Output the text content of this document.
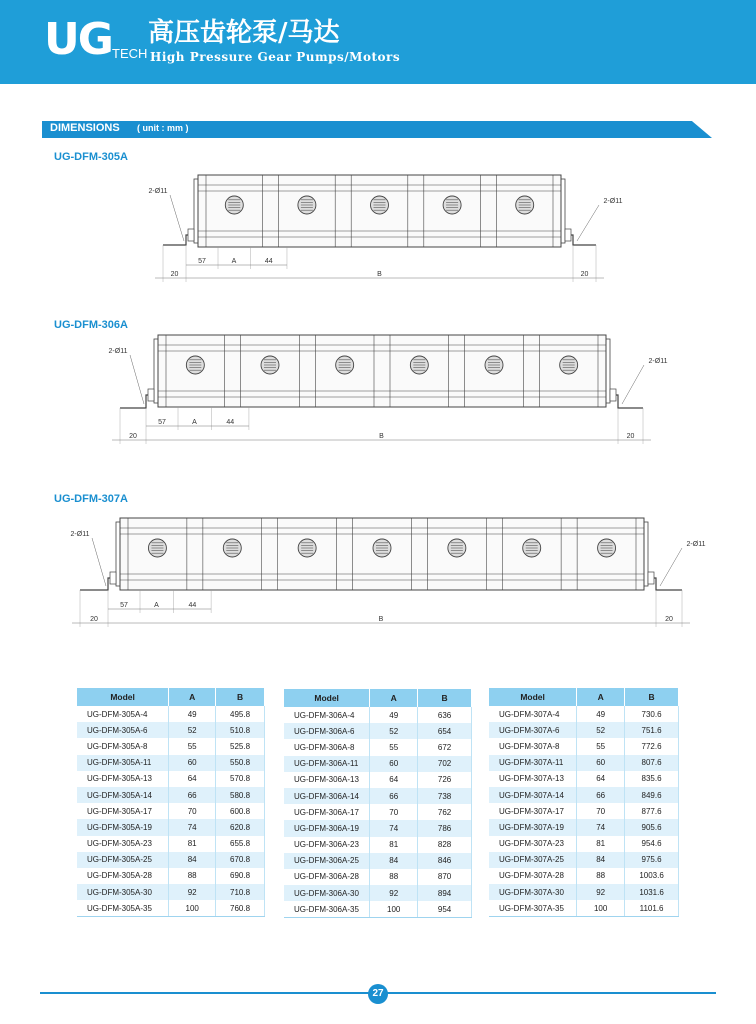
UG TECH
高压齿轮泵/马达
High Pressure Gear Pumps/Motors
DIMENSIONS ( unit : mm )
UG-DFM-305A
UG-DFM-306A
UG-DFM-307A
2-Ø11
2-Ø11
20
57	A	44
B	20
2-Ø11
2-Ø11
20
57	A	44
B	20
2-Ø11
2-Ø11
20
57	A	44
B	20
Model	A	B
UG-DFM-305A-4	49	495.8
UG-DFM-305A-6	52	510.8
UG-DFM-305A-8	55	525.8
UG-DFM-305A-11	60	550.8
UG-DFM-305A-13	64	570.8
UG-DFM-305A-14	66	580.8
UG-DFM-305A-17	70	600.8
UG-DFM-305A-19	74	620.8
UG-DFM-305A-23	81	655.8
UG-DFM-305A-25	84	670.8
UG-DFM-305A-28	88	690.8
UG-DFM-305A-30	92	710.8
UG-DFM-305A-35	100	760.8
Model	A	B
UG-DFM-306A-4	49	636
UG-DFM-306A-6	52	654
UG-DFM-306A-8	55	672
UG-DFM-306A-11	60	702
UG-DFM-306A-13	64	726
UG-DFM-306A-14	66	738
UG-DFM-306A-17	70	762
UG-DFM-306A-19	74	786
UG-DFM-306A-23	81	828
UG-DFM-306A-25	84	846
UG-DFM-306A-28	88	870
UG-DFM-306A-30	92	894
UG-DFM-306A-35	100	954
Model	A	B
UG-DFM-307A-4	49	730.6
UG-DFM-307A-6	52	751.6
UG-DFM-307A-8	55	772.6
UG-DFM-307A-11	60	807.6
UG-DFM-307A-13	64	835.6
UG-DFM-307A-14	66	849.6
UG-DFM-307A-17	70	877.6
UG-DFM-307A-19	74	905.6
UG-DFM-307A-23	81	954.6
UG-DFM-307A-25	84	975.6
UG-DFM-307A-28	88	1003.6
UG-DFM-307A-30	92	1031.6
UG-DFM-307A-35	100	1101.6
27
